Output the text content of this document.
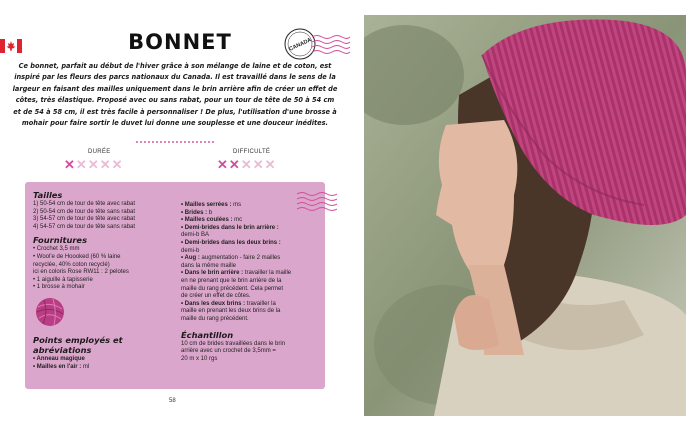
BONNET	CANADA

Ce bonnet, parfait au début de l'hiver grâce à son mélange de laine et de coton, est inspiré par les fleurs des parcs nationaux du Canada. Il est travaillé dans le sens de la largeur en faisant des mailles uniquement dans le brin arrière afin de créer un effet de côtes, très élastique. Proposé avec ou sans rabat, pour un tour de tête de 50 à 54 cm et de 54 à 58 cm, il est très facile à personnaliser ! De plus, l'utilisation d'une brosse à mohair pour faire sortir le duvet lui donne une souplesse et une douceur inédites.

DURÉE
✕ ✕ ✕ ✕ ✕
DIFFICULTÉ
✕ ✕ ✕ ✕ ✕
Tailles

1) 50-54 cm de tour de tête avec rabat

2) 50-54 cm de tour de tête sans rabat

3) 54-57 cm de tour de tête avec rabat

4) 54-57 cm de tour de tête sans rabat

Fournitures

• Crochet 3,5 mm

• Wool'e de Hoooked (60 % laine

recyclée, 40% coton recyclé)

ici en coloris Rose RW11 : 2 pelotes

• 1 aiguille à tapisserie

• 1 brosse à mohair

Points employés et abréviations

• Anneau magique

• Mailles en l'air : ml

• Mailles serrées : ms

• Brides : b

• Mailles coulées : mc

• Demi-brides dans le brin arrière :

demi-b BA

• Demi-brides dans les deux brins :

demi-b

• Aug : augmentation - faire 2 mailles

dans la même maille

• Dans le brin arrière : travailler la maille

en ne prenant que le brin arrière de la

maille du rang précédent. Cela permet

de créer un effet de côtes.

• Dans les deux brins : travailler la

maille en prenant les deux brins de la

maille du rang précédent.

Échantillon

10 cm de brides travaillées dans le brin

arrière avec un crochet de 3,5mm =

20 m x 10 rgs

58
